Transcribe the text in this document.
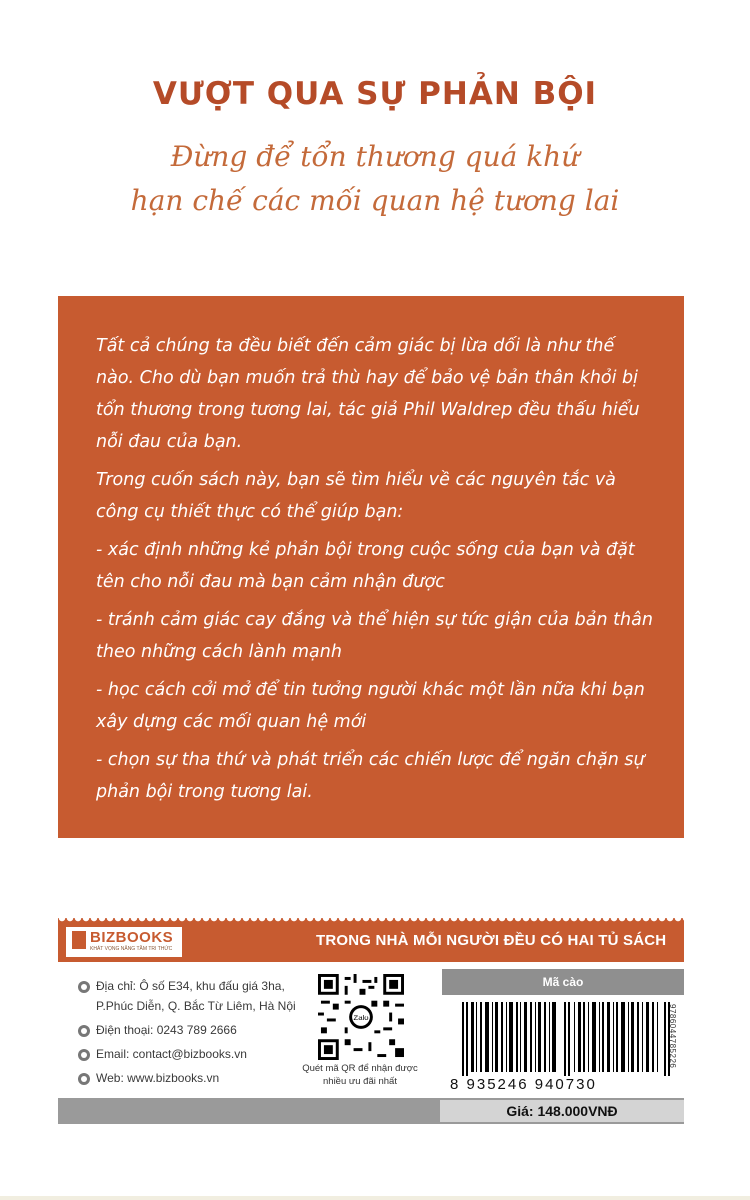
VƯỢT QUA SỰ PHẢN BỘI
Đừng để tổn thương quá khứ
hạn chế các mối quan hệ tương lai

Tất cả chúng ta đều biết đến cảm giác bị lừa dối là như thế nào. Cho dù bạn muốn trả thù hay để bảo vệ bản thân khỏi bị tổn thương trong tương lai, tác giả Phil Waldrep đều thấu hiểu nỗi đau của bạn.

Trong cuốn sách này, bạn sẽ tìm hiểu về các nguyên tắc và công cụ thiết thực có thể giúp bạn:

- xác định những kẻ phản bội trong cuộc sống của bạn và đặt tên cho nỗi đau mà bạn cảm nhận được

- tránh cảm giác cay đắng và thể hiện sự tức giận của bản thân theo những cách lành mạnh

- học cách cởi mở để tin tưởng người khác một lần nữa khi bạn xây dựng các mối quan hệ mới

- chọn sự tha thứ và phát triển các chiến lược để ngăn chặn sự phản bội trong tương lai.

BIZBOOKS
KHÁT VỌNG NÂNG TẦM TRI THỨC	TRONG NHÀ MỖI NGƯỜI ĐỀU CÓ HAI TỦ SÁCH
Địa chỉ: Ô số E34, khu đấu giá 3ha,
P.Phúc Diễn, Q. Bắc Từ Liêm, Hà Nội
Điện thoại: 0243 789 2666
Email: contact@bizbooks.vn
Web: www.bizbooks.vn
Zalo
Quét mã QR để nhận được nhiều ưu đãi nhất
Mã cào
8 935246 940730
9786044785226
Giá: 148.000VNĐ
